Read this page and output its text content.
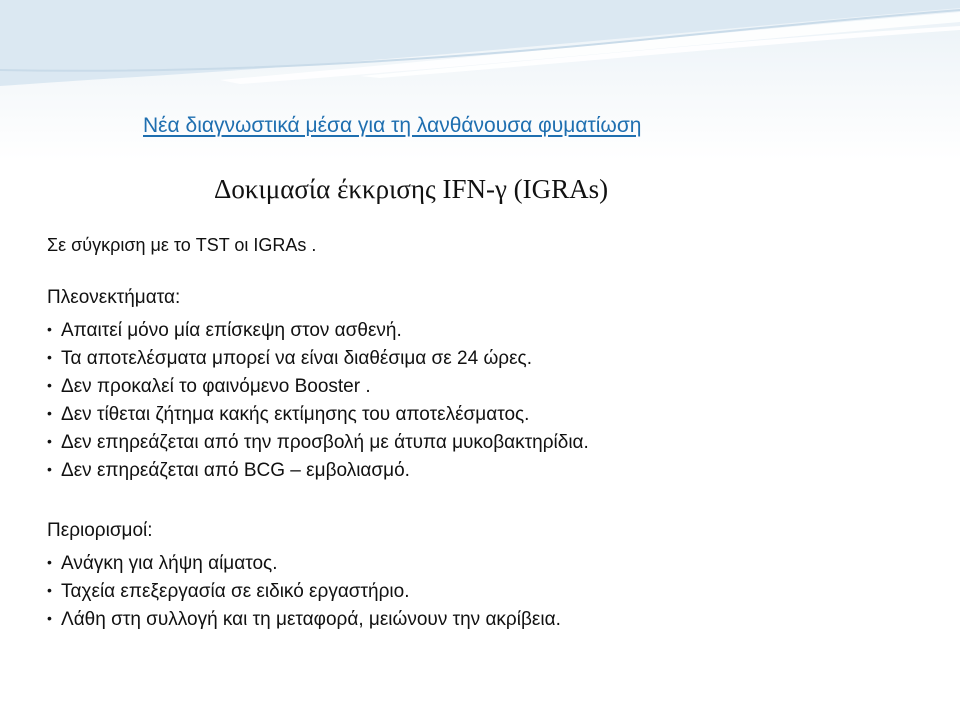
Νέα διαγνωστικά μέσα για τη λανθάνουσα φυματίωση
Δοκιμασία έκκρισης IFN-γ (IGRAs)
Σε σύγκριση με το TST οι IGRAs .
Πλεονεκτήματα:
• Απαιτεί μόνο μία επίσκεψη στον ασθενή.
• Τα αποτελέσματα μπορεί να είναι διαθέσιμα σε 24 ώρες.
• Δεν προκαλεί το φαινόμενο Booster .
• Δεν τίθεται ζήτημα κακής εκτίμησης του αποτελέσματος.
• Δεν επηρεάζεται από την προσβολή με άτυπα μυκοβακτηρίδια.
• Δεν επηρεάζεται από BCG – εμβολιασμό.
Περιορισμοί:
• Ανάγκη για λήψη αίματος.
• Ταχεία επεξεργασία σε ειδικό εργαστήριο.
• Λάθη στη συλλογή και τη μεταφορά, μειώνουν την ακρίβεια.
